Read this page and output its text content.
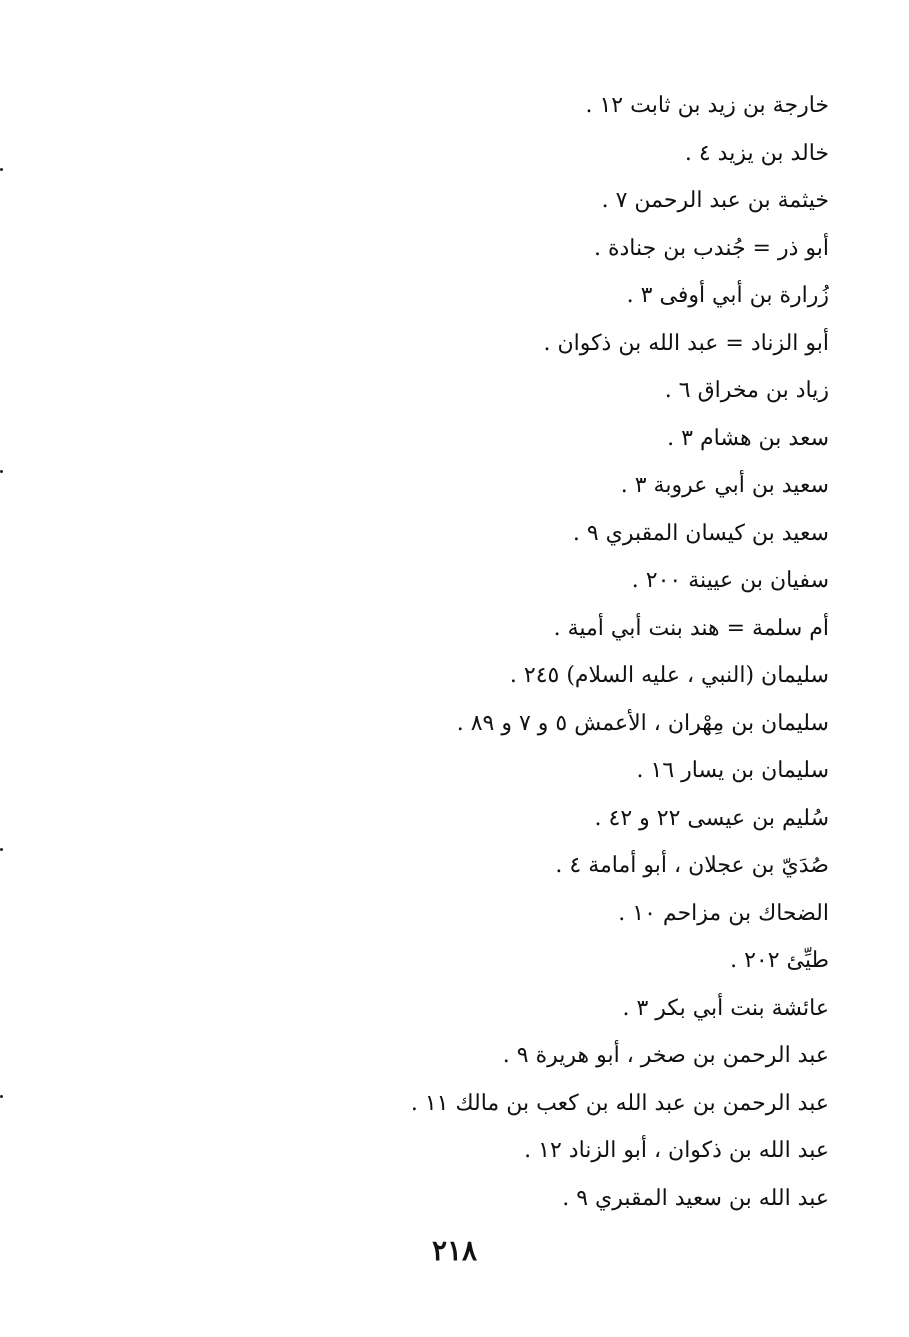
خارجة بن زيد بن ثابت ١٢ .
خالد بن يزيد ٤ .
خيثمة بن عبد الرحمن ٧ .
أبو ذر = جُندب بن جنادة .
زُرارة بن أبي أوفى ٣ .
أبو الزناد = عبد الله بن ذكوان .
زياد بن مخراق ٦ .
سعد بن هشام ٣ .
سعيد بن أبي عروبة ٣ .
سعيد بن كيسان المقبري ٩ .
سفيان بن عيينة ٢٠٠ .
أم سلمة = هند بنت أبي أمية .
سليمان (النبي ، عليه السلام) ٢٤٥ .
سليمان بن مِهْران ، الأعمش ٥ و ٧ و ٨٩ .
سليمان بن يسار ١٦ .
سُليم بن عيسى ٢٢ و ٤٢ .
صُدَيّ بن عجلان ، أبو أمامة ٤ .
الضحاك بن مزاحم ١٠ .
طيِّئ ٢٠٢ .
عائشة بنت أبي بكر ٣ .
عبد الرحمن بن صخر ، أبو هريرة ٩ .
عبد الرحمن بن عبد الله بن كعب بن مالك ١١ .
عبد الله بن ذكوان ، أبو الزناد ١٢ .
عبد الله بن سعيد المقبري ٩ .
٢١٨
